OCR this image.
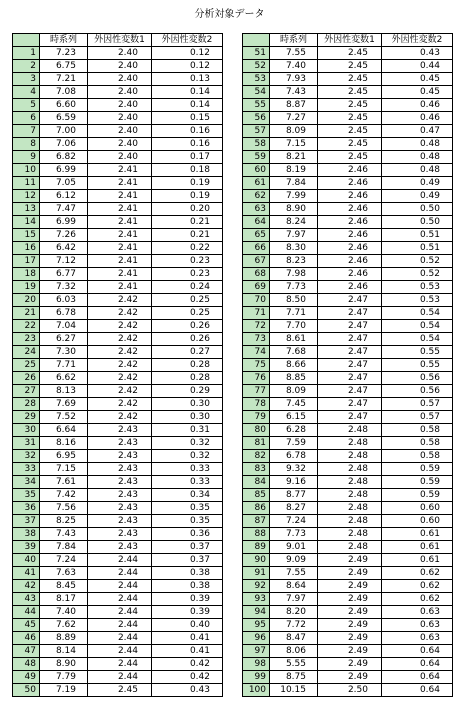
分析対象データ
	時系列	外因性変数1	外因性変数2
1	7.23	2.40	0.12
2	6.75	2.40	0.12
3	7.21	2.40	0.13
4	7.08	2.40	0.14
5	6.60	2.40	0.14
6	6.59	2.40	0.15
7	7.00	2.40	0.16
8	7.06	2.40	0.16
9	6.82	2.40	0.17
10	6.99	2.41	0.18
11	7.05	2.41	0.19
12	6.12	2.41	0.19
13	7.47	2.41	0.20
14	6.99	2.41	0.21
15	7.26	2.41	0.21
16	6.42	2.41	0.22
17	7.12	2.41	0.23
18	6.77	2.41	0.23
19	7.32	2.41	0.24
20	6.03	2.42	0.25
21	6.78	2.42	0.25
22	7.04	2.42	0.26
23	6.27	2.42	0.26
24	7.30	2.42	0.27
25	7.71	2.42	0.28
26	6.62	2.42	0.28
27	8.13	2.42	0.29
28	7.69	2.42	0.30
29	7.52	2.42	0.30
30	6.64	2.43	0.31
31	8.16	2.43	0.32
32	6.95	2.43	0.32
33	7.15	2.43	0.33
34	7.61	2.43	0.33
35	7.42	2.43	0.34
36	7.56	2.43	0.35
37	8.25	2.43	0.35
38	7.43	2.43	0.36
39	7.84	2.43	0.37
40	7.24	2.44	0.37
41	7.63	2.44	0.38
42	8.45	2.44	0.38
43	8.17	2.44	0.39
44	7.40	2.44	0.39
45	7.62	2.44	0.40
46	8.89	2.44	0.41
47	8.14	2.44	0.41
48	8.90	2.44	0.42
49	7.79	2.44	0.42
50	7.19	2.45	0.43
	時系列	外因性変数1	外因性変数2
51	7.55	2.45	0.43
52	7.40	2.45	0.44
53	7.93	2.45	0.45
54	7.43	2.45	0.45
55	8.87	2.45	0.46
56	7.27	2.45	0.46
57	8.09	2.45	0.47
58	7.15	2.45	0.48
59	8.21	2.45	0.48
60	8.19	2.46	0.48
61	7.84	2.46	0.49
62	7.99	2.46	0.49
63	8.90	2.46	0.50
64	8.24	2.46	0.50
65	7.97	2.46	0.51
66	8.30	2.46	0.51
67	8.23	2.46	0.52
68	7.98	2.46	0.52
69	7.73	2.46	0.53
70	8.50	2.47	0.53
71	7.71	2.47	0.54
72	7.70	2.47	0.54
73	8.61	2.47	0.54
74	7.68	2.47	0.55
75	8.66	2.47	0.55
76	8.85	2.47	0.56
77	8.09	2.47	0.56
78	7.45	2.47	0.57
79	6.15	2.47	0.57
80	6.28	2.48	0.58
81	7.59	2.48	0.58
82	6.78	2.48	0.58
83	9.32	2.48	0.59
84	9.16	2.48	0.59
85	8.77	2.48	0.59
86	8.27	2.48	0.60
87	7.24	2.48	0.60
88	7.73	2.48	0.61
89	9.01	2.48	0.61
90	9.09	2.49	0.61
91	7.55	2.49	0.62
92	8.64	2.49	0.62
93	7.97	2.49	0.62
94	8.20	2.49	0.63
95	7.72	2.49	0.63
96	8.47	2.49	0.63
97	8.06	2.49	0.64
98	5.55	2.49	0.64
99	8.75	2.49	0.64
100	10.15	2.50	0.64
